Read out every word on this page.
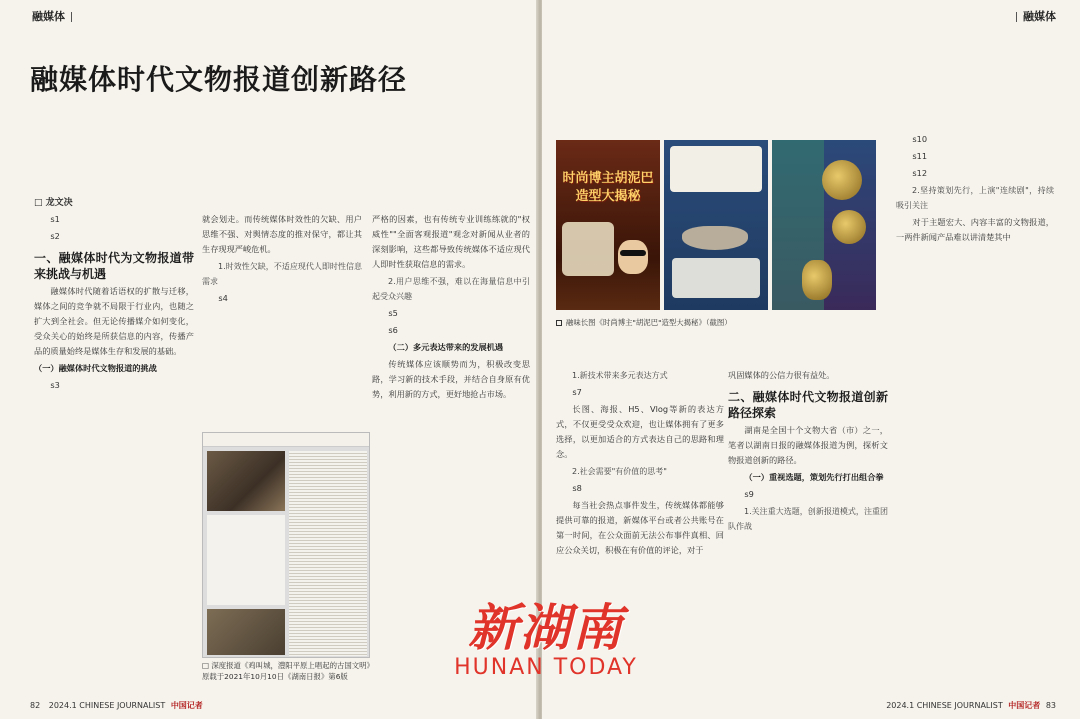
融媒体
融媒体时代文物报道创新路径
□ 龙文决

s1

s2

一、融媒体时代为文物报道带来挑战与机遇

融媒体时代随着话语权的扩散与迁移，媒体之间的竞争就不局限于行业内，也随之扩大到全社会。但无论传播媒介如何变化，受众关心的始终是所获信息的内容，传播产品的质量始终是媒体生存和发展的基础。

（一）融媒体时代文物报道的挑战

s3

就会划走。而传统媒体时效性的欠缺、用户思维不强、对舆情态度的推对保守，都让其生存现现严峻危机。

1.时效性欠缺，不适应现代人即时性信息需求

s4

严格的因素，也有传统专业训练练就的"权威性""全面客观报道"观念对新闻从业者的深刻影响，这些都导致传统媒体不适应现代人即时性获取信息的需求。

2.用户思维不强，难以在海量信息中引起受众兴趣

s5

s6

（二）多元表达带来的发展机遇

传统媒体应该顺势而为，积极改变思路，学习新的技术手段，并结合自身原有优势，利用新的方式，更好地抢占市场。

□ 深度报道《鸡叫城，澧阳平原上唱起的古国文明》原载于2021年10月10日《湖南日报》第6版
82 2024.1 CHINESE JOURNALIST 中国记者
融媒体
2024.1 CHINESE JOURNALIST 中国记者 83
时尚博主胡泥巴造型大揭秘
融味长图《时尚博主"胡泥巴"造型大揭秘》（截图）

1.新技术带来多元表达方式

s7

长图、海报、H5、Vlog等新的表达方式，不仅更受受众欢迎，也让媒体拥有了更多选择，以更加适合的方式表达自己的思路和理念。

2.社会需要"有价值的思考"

s8

每当社会热点事件发生，传统媒体都能够提供可靠的报道，新媒体平台或者公共账号在第一时间，在公众面前无法公布事件真相、回应公众关切，积极在有价值的评论，对于

巩固媒体的公信力很有益处。

二、融媒体时代文物报道创新路径探索

湖南是全国十个文物大省（市）之一，笔者以湖南日报的融媒体报道为例，探析文物报道创新的路径。

（一）重视选题，策划先行打出组合拳

s9

1.关注重大选题，创新报道模式，注重团队作战

s10

s11

s12

2.坚持策划先行，上演"连续剧"，持续吸引关注

对于主题宏大、内容丰富的文物报道，一两件新闻产品难以讲清楚其中

新湖南
HUNAN TODAY
